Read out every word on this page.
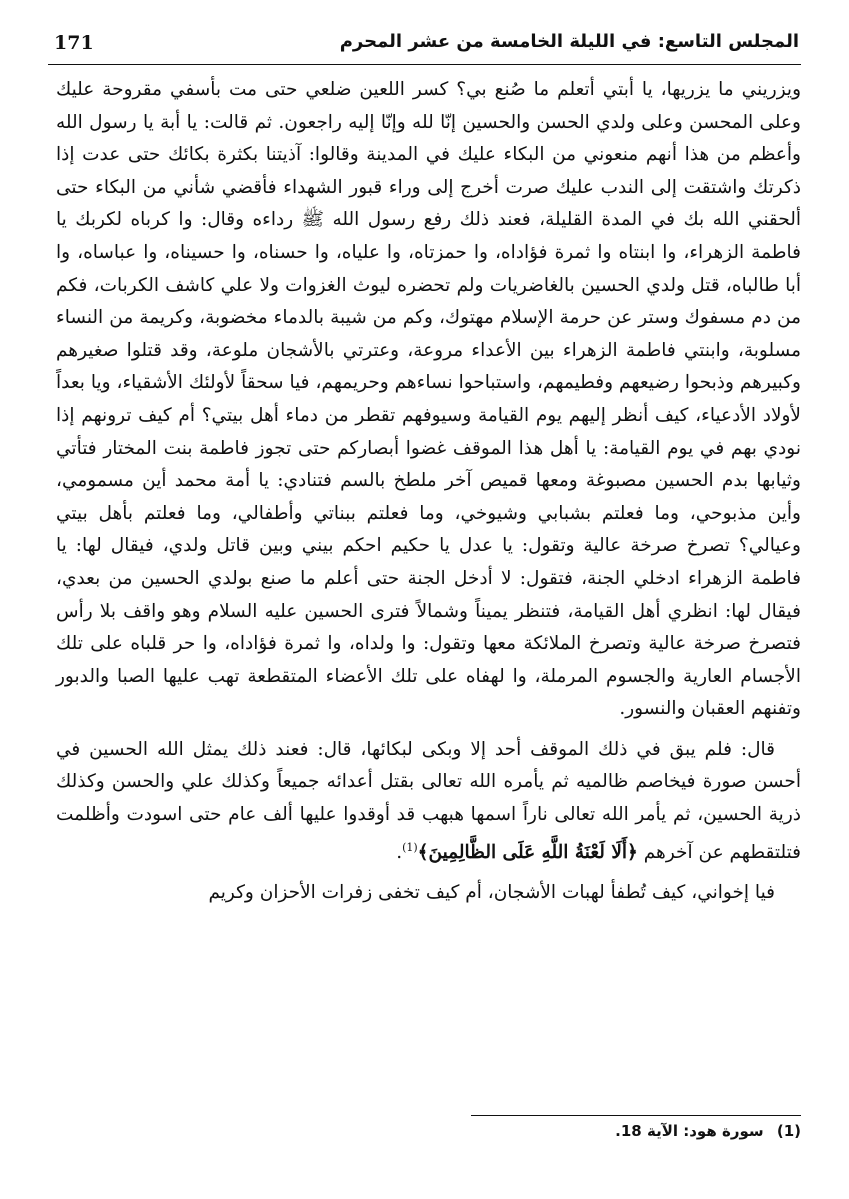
171	المجلس التاسع: في الليلة الخامسة من عشر المحرم

ويزريني ما يزريها، يا أبتي أتعلم ما صُنع بي؟ كسر اللعين ضلعي حتى مت بأسفي مقروحة عليك وعلى المحسن وعلى ولدي الحسن والحسين إنّا لله وإنّا إليه راجعون. ثم قالت: يا أبة يا رسول الله وأعظم من هذا أنهم منعوني من البكاء عليك في المدينة وقالوا: آذيتنا بكثرة بكائك حتى عدت إذا ذكرتك واشتقت إلى الندب عليك صرت أخرج إلى وراء قبور الشهداء فأقضي شأني من البكاء حتى ألحقني الله بك في المدة القليلة، فعند ذلك رفع رسول الله ﷺ رداءه وقال: وا كرباه لكربك يا فاطمة الزهراء، وا ابنتاه وا ثمرة فؤاداه، وا حمزتاه، وا علياه، وا حسناه، وا حسيناه، وا عباساه، وا أبا طالباه، قتل ولدي الحسين بالغاضريات ولم تحضره ليوث الغزوات ولا علي كاشف الكربات، فكم من دم مسفوك وستر عن حرمة الإسلام مهتوك، وكم من شيبة بالدماء مخضوبة، وكريمة من النساء مسلوبة، وابنتي فاطمة الزهراء بين الأعداء مروعة، وعترتي بالأشجان ملوعة، وقد قتلوا صغيرهم وكبيرهم وذبحوا رضيعهم وفطيمهم، واستباحوا نساءهم وحريمهم، فيا سحقاً لأولئك الأشقياء، ويا بعداً لأولاد الأدعياء، كيف أنظر إليهم يوم القيامة وسيوفهم تقطر من دماء أهل بيتي؟ أم كيف ترونهم إذا نودي بهم في يوم القيامة: يا أهل هذا الموقف غضوا أبصاركم حتى تجوز فاطمة بنت المختار فتأتي وثيابها بدم الحسين مصبوغة ومعها قميص آخر ملطخ بالسم فتنادي: يا أمة محمد أين مسمومي، وأين مذبوحي، وما فعلتم بشبابي وشيوخي، وما فعلتم ببناتي وأطفالي، وما فعلتم بأهل بيتي وعيالي؟ تصرخ صرخة عالية وتقول: يا عدل يا حكيم احكم بيني وبين قاتل ولدي، فيقال لها: يا فاطمة الزهراء ادخلي الجنة، فتقول: لا أدخل الجنة حتى أعلم ما صنع بولدي الحسين من بعدي، فيقال لها: انظري أهل القيامة، فتنظر يميناً وشمالاً فترى الحسين عليه السلام وهو واقف بلا رأس فتصرخ صرخة عالية وتصرخ الملائكة معها وتقول: وا ولداه، وا ثمرة فؤاداه، وا حر قلباه على تلك الأجسام العارية والجسوم المرملة، وا لهفاه على تلك الأعضاء المتقطعة تهب عليها الصبا والدبور وتفنهم العقبان والنسور.

قال: فلم يبق في ذلك الموقف أحد إلا وبكى لبكائها، قال: فعند ذلك يمثل الله الحسين في أحسن صورة فيخاصم ظالميه ثم يأمره الله تعالى بقتل أعدائه جميعاً وكذلك علي والحسن وكذلك ذرية الحسين، ثم يأمر الله تعالى ناراً اسمها هبهب قد أوقدوا عليها ألف عام حتى اسودت وأظلمت فتلتقطهم عن آخرهم ﴿أَلَا لَعْنَةُ اللَّهِ عَلَى الظَّالِمِينَ﴾$^{(1)}$.

فيا إخواني، كيف تُطفأ لهبات الأشجان، أم كيف تخفى زفرات الأحزان وكريم

(1) سورة هود: الآية 18.
